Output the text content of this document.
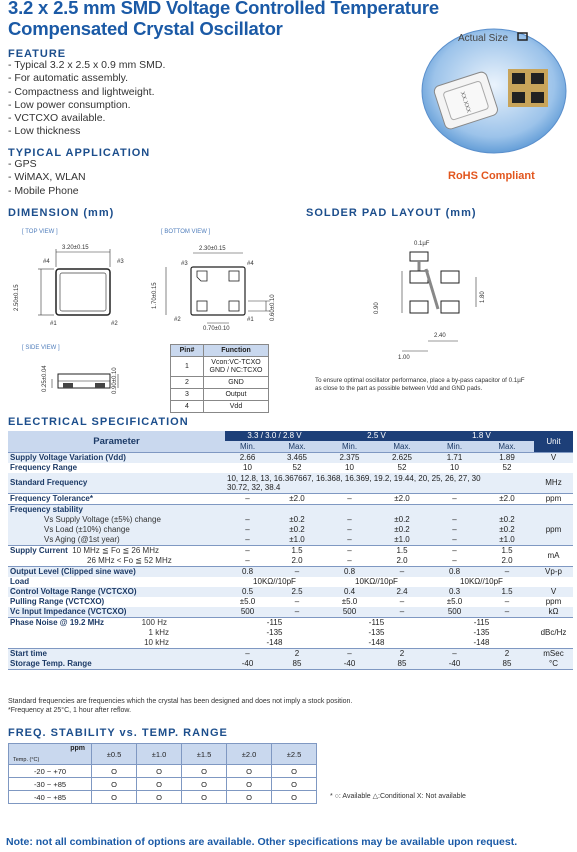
3.2 x 2.5 mm SMD Voltage Controlled Temperature
Compensated Crystal Oscillator
FEATURE
- Typical 3.2 x 2.5 x 0.9 mm SMD.
- For automatic assembly.
- Compactness and lightweight.
- Low power consumption.
- VCTCXO available.
- Low thickness
TYPICAL APPLICATION
- GPS
- WiMAX, WLAN
- Mobile Phone
XX.XXX
Actual Size
RoHS Compliant
DIMENSION (mm)
[ TOP VIEW ]	[ BOTTOM VIEW ]
[ SIDE VIEW ]
3.20±0.15
2.50±0.15
#4	#3
#1	#2
2.30±0.15
1.70±0.15
#3	#4
#2	#1
0.70±0.10
0.60±0.10
0.25±0.04	0.90±0.10
Pin#	Function
1	Vcon:VC-TCXO
GND / NC:TCXO
2	GND
3	Output
4	Vdd
SOLDER PAD LAYOUT (mm)
0.1µF
1.80
0.90
2.40
1.00
To ensure optimal oscillator performance, place a by-pass capacitor of 0.1µF
as close to the part as possible between Vdd and GND pads.
ELECTRICAL SPECIFICATION
Parameter	3.3 / 3.0 / 2.8 V		2.5 V		1.8 V		Unit
	Min.	Max.	Min.	Max.	Min.	Max.	
Supply Voltage Variation (Vdd)	2.66	3.465	2.375	2.625	1.71	1.89	V
Frequency Range	10	52	10	52	10	52	
Standard Frequency	10, 12.8, 13, 16.367667, 16.368, 16.369, 19.2, 19.44, 20, 25, 26, 27, 30
30.72, 32, 38.4						MHz
Frequency Tolerance*	–	±2.0	–	±2.0	–	±2.0	ppm
Frequency stability							
Vs Supply Voltage (±5%) change	–	±0.2	–	±0.2	–	±0.2	ppm
Vs Load (±10%) change	–	±0.2	–	±0.2	–	±0.2	
Vs Aging (@1st year)	–	±1.0	–	±1.0	–	±1.0	
Supply Current 10 MHz ≦ Fo ≦ 26 MHz	–	1.5	–	1.5	–	1.5	mA
26 MHz < Fo ≦ 52 MHz	–	2.0	–	2.0	–	2.0	
Output Level (Clipped sine wave)	0.8	–	0.8	–	0.8	–	Vp-p
Load	10KΩ//10pF		10KΩ//10pF		10KΩ//10pF		
Control Voltage Range (VCTCXO)	0.5	2.5	0.4	2.4	0.3	1.5	V
Pulling Range (VCTCXO)	±5.0	–	±5.0	–	±5.0	–	ppm
Vc Input Impedance (VCTCXO)	500	–	500	–	500	–	kΩ
Phase Noise @ 19.2 MHz 100 Hz	-115		-115		-115		dBc/Hz
1 kHz	-135		-135		-135		
10 kHz	-148		-148		-148		
Start time	–	2	–	2	–	2	mSec
Storage Temp. Range	-40	85	-40	85	-40	85	°C
Standard frequencies are frequencies which the crystal has been designed and does not imply a stock position.
*Frequency at 25°C, 1 hour after reflow.
FREQ. STABILITY vs. TEMP. RANGE
ppm
Temp. (°C)	±0.5	±1.0	±1.5	±2.0	±2.5
-20 ~ +70	O	O	O	O	O
-30 ~ +85	O	O	O	O	O
-40 ~ +85	O	O	O	O	O	* ○: Available △:Conditional X: Not available
Note: not all combination of options are available. Other specifications may be available upon request.
